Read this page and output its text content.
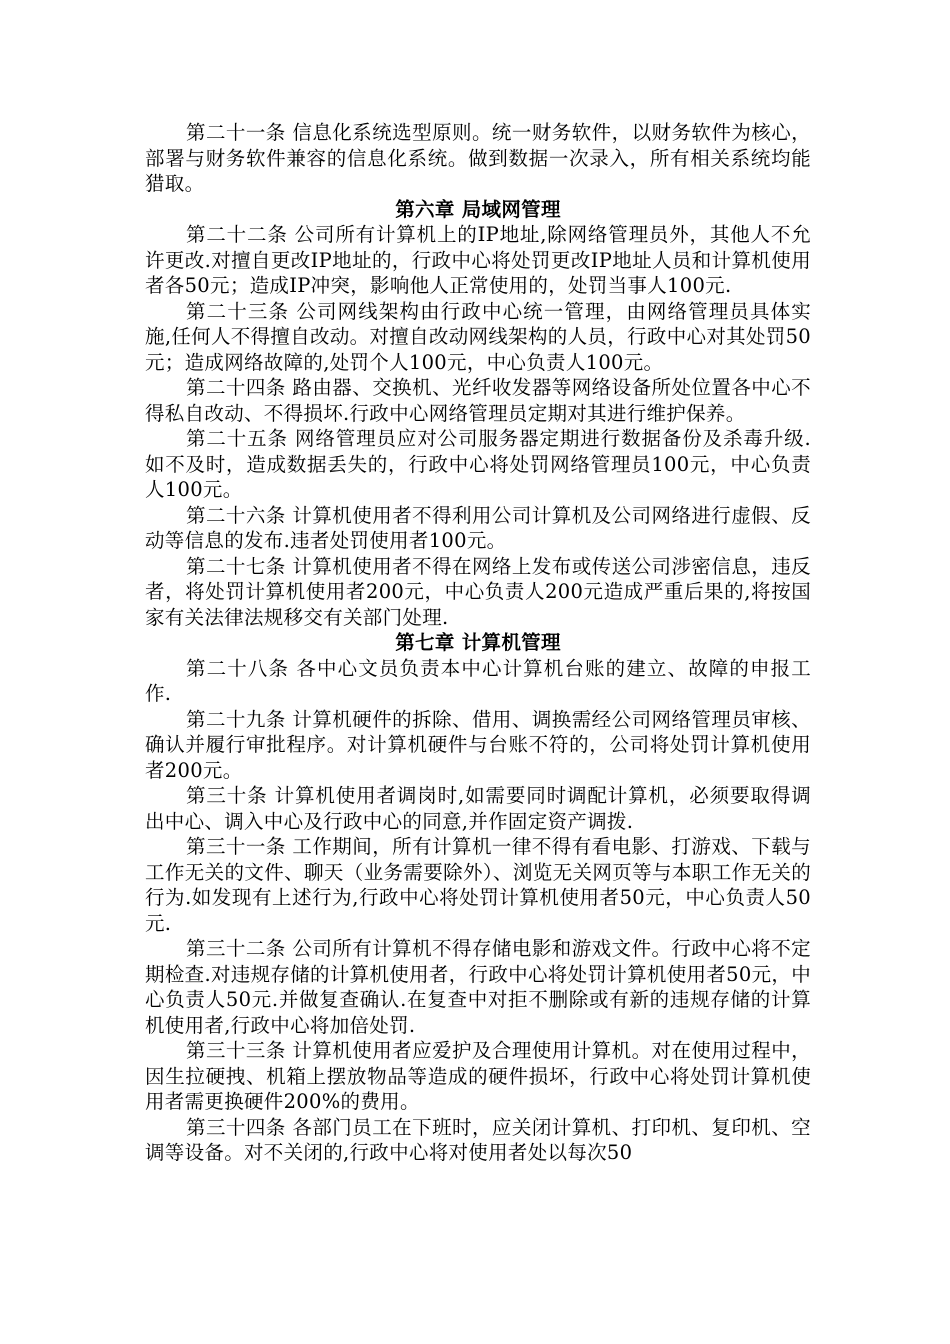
第二十一条 信息化系统选型原则。统一财务软件，以财务软件为核心，部署与财务软件兼容的信息化系统。做到数据一次录入，所有相关系统均能猎取。

第六章 局域网管理

第二十二条 公司所有计算机上的IP地址,除网络管理员外，其他人不允许更改.对擅自更改IP地址的，行政中心将处罚更改IP地址人员和计算机使用者各50元；造成IP冲突，影响他人正常使用的，处罚当事人100元.

第二十三条 公司网线架构由行政中心统一管理，由网络管理员具体实施,任何人不得擅自改动。对擅自改动网线架构的人员，行政中心对其处罚50元；造成网络故障的,处罚个人100元，中心负责人100元。

第二十四条 路由器、交换机、光纤收发器等网络设备所处位置各中心不得私自改动、不得损坏.行政中心网络管理员定期对其进行维护保养。

第二十五条 网络管理员应对公司服务器定期进行数据备份及杀毒升级.如不及时，造成数据丢失的，行政中心将处罚网络管理员100元，中心负责人100元。

第二十六条 计算机使用者不得利用公司计算机及公司网络进行虚假、反动等信息的发布.违者处罚使用者100元。

第二十七条 计算机使用者不得在网络上发布或传送公司涉密信息，违反者，将处罚计算机使用者200元，中心负责人200元造成严重后果的,将按国家有关法律法规移交有关部门处理.

第七章 计算机管理

第二十八条 各中心文员负责本中心计算机台账的建立、故障的申报工作.

第二十九条 计算机硬件的拆除、借用、调换需经公司网络管理员审核、确认并履行审批程序。对计算机硬件与台账不符的，公司将处罚计算机使用者200元。

第三十条 计算机使用者调岗时,如需要同时调配计算机，必须要取得调出中心、调入中心及行政中心的同意,并作固定资产调拨.

第三十一条 工作期间，所有计算机一律不得有看电影、打游戏、下载与工作无关的文件、聊天（业务需要除外）、浏览无关网页等与本职工作无关的行为.如发现有上述行为,行政中心将处罚计算机使用者50元，中心负责人50元.

第三十二条 公司所有计算机不得存储电影和游戏文件。行政中心将不定期检查.对违规存储的计算机使用者，行政中心将处罚计算机使用者50元，中心负责人50元.并做复查确认.在复查中对拒不删除或有新的违规存储的计算机使用者,行政中心将加倍处罚.

第三十三条 计算机使用者应爱护及合理使用计算机。对在使用过程中，因生拉硬拽、机箱上摆放物品等造成的硬件损坏，行政中心将处罚计算机使用者需更换硬件200%的费用。

第三十四条 各部门员工在下班时，应关闭计算机、打印机、复印机、空调等设备。对不关闭的,行政中心将对使用者处以每次50
